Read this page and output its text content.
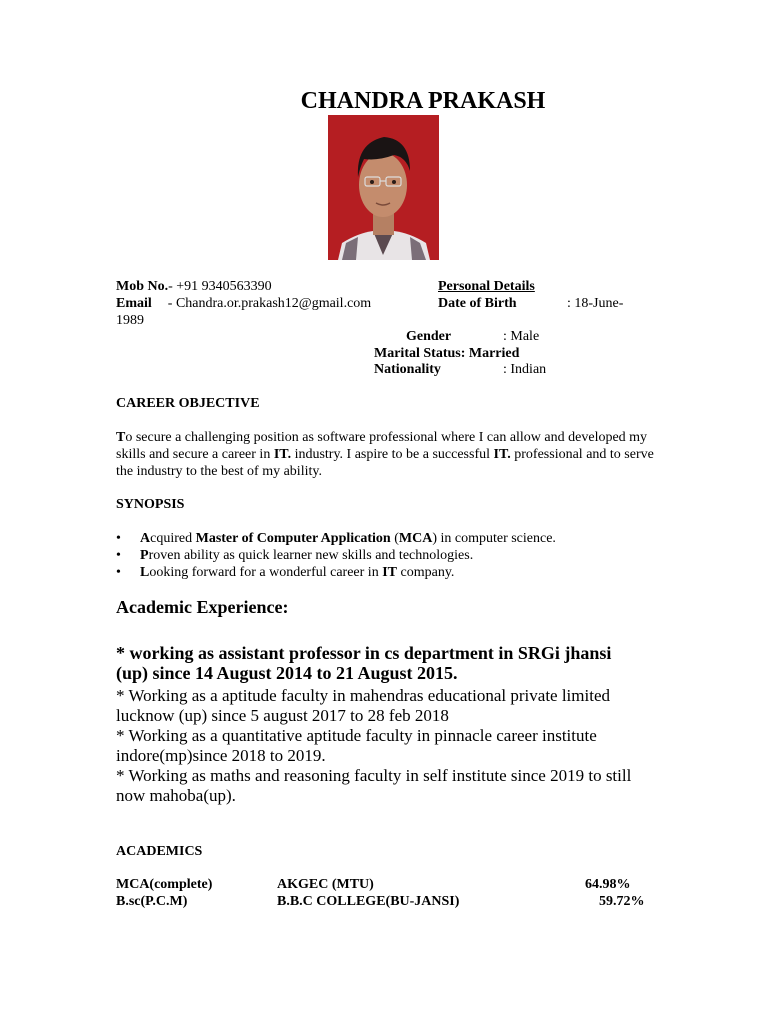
CHANDRA PRAKASH
Mob No.- +91 9340563390
Email - Chandra.or.prakash12@gmail.com
Personal Details
Date of Birth	: 18-June-
1989
Gender	: Male
Marital Status: Married
Nationality	: Indian
CAREER OBJECTIVE
To secure a challenging position as software professional where I can allow and developed my skills and secure a career in IT. industry. I aspire to be a successful IT. professional and to serve the industry to the best of my ability.
SYNOPSIS
• Acquired Master of Computer Application (MCA) in computer science.
• Proven ability as quick learner new skills and technologies.
• Looking forward for a wonderful career in IT company.
Academic Experience:
* working as assistant professor in cs department in SRGi jhansi (up) since 14 August 2014 to 21 August 2015.
* Working as a aptitude faculty in mahendras educational private limited lucknow (up) since 5 august 2017 to 28 feb 2018
* Working as a quantitative aptitude faculty in pinnacle career institute indore(mp)since 2018 to 2019.
* Working as maths and reasoning faculty in self institute since 2019 to still now mahoba(up).
ACADEMICS
MCA(complete)	AKGEC (MTU)	64.98%
B.sc(P.C.M)	B.B.C COLLEGE(BU-JANSI)	59.72%
